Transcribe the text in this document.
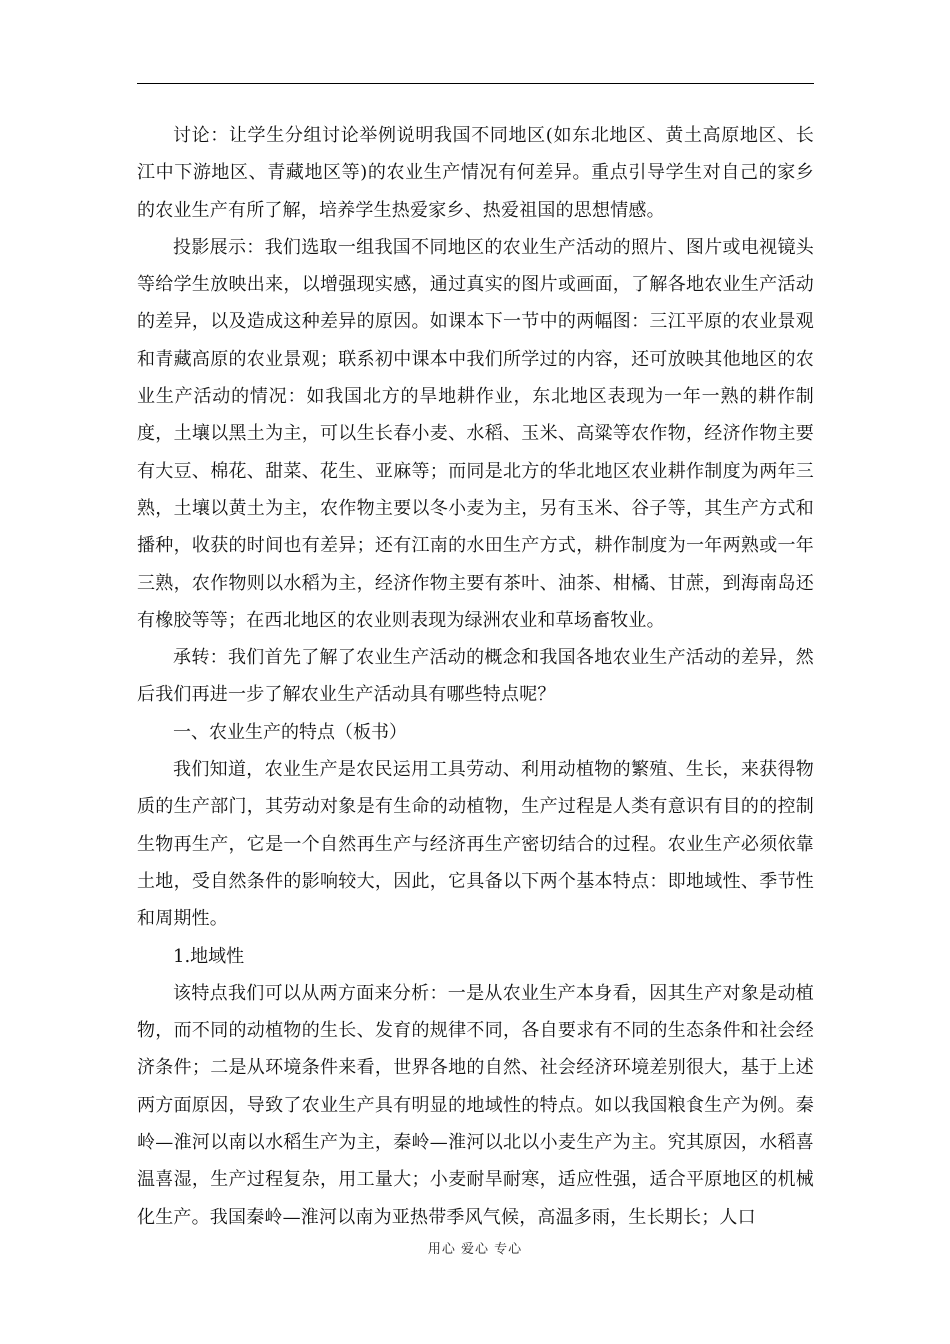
讨论：让学生分组讨论举例说明我国不同地区(如东北地区、黄土高原地区、长江中下游地区、青藏地区等)的农业生产情况有何差异。重点引导学生对自己的家乡的农业生产有所了解，培养学生热爱家乡、热爱祖国的思想情感。

投影展示：我们选取一组我国不同地区的农业生产活动的照片、图片或电视镜头等给学生放映出来，以增强现实感，通过真实的图片或画面，了解各地农业生产活动的差异，以及造成这种差异的原因。如课本下一节中的两幅图：三江平原的农业景观和青藏高原的农业景观；联系初中课本中我们所学过的内容，还可放映其他地区的农业生产活动的情况：如我国北方的旱地耕作业，东北地区表现为一年一熟的耕作制度，土壤以黑土为主，可以生长春小麦、水稻、玉米、高粱等农作物，经济作物主要有大豆、棉花、甜菜、花生、亚麻等；而同是北方的华北地区农业耕作制度为两年三熟，土壤以黄土为主，农作物主要以冬小麦为主，另有玉米、谷子等，其生产方式和播种，收获的时间也有差异；还有江南的水田生产方式，耕作制度为一年两熟或一年三熟，农作物则以水稻为主，经济作物主要有茶叶、油茶、柑橘、甘蔗，到海南岛还有橡胶等等；在西北地区的农业则表现为绿洲农业和草场畜牧业。

承转：我们首先了解了农业生产活动的概念和我国各地农业生产活动的差异，然后我们再进一步了解农业生产活动具有哪些特点呢？

一、农业生产的特点（板书）

我们知道，农业生产是农民运用工具劳动、利用动植物的繁殖、生长，来获得物质的生产部门，其劳动对象是有生命的动植物，生产过程是人类有意识有目的的控制生物再生产，它是一个自然再生产与经济再生产密切结合的过程。农业生产必须依靠土地，受自然条件的影响较大，因此，它具备以下两个基本特点：即地域性、季节性和周期性。

1.地域性

该特点我们可以从两方面来分析：一是从农业生产本身看，因其生产对象是动植物，而不同的动植物的生长、发育的规律不同，各自要求有不同的生态条件和社会经济条件；二是从环境条件来看，世界各地的自然、社会经济环境差别很大，基于上述两方面原因，导致了农业生产具有明显的地域性的特点。如以我国粮食生产为例。秦岭—淮河以南以水稻生产为主，秦岭—淮河以北以小麦生产为主。究其原因，水稻喜温喜湿，生产过程复杂，用工量大；小麦耐旱耐寒，适应性强，适合平原地区的机械化生产。我国秦岭—淮河以南为亚热带季风气候，高温多雨，生长期长；人口

用心 爱心 专心
